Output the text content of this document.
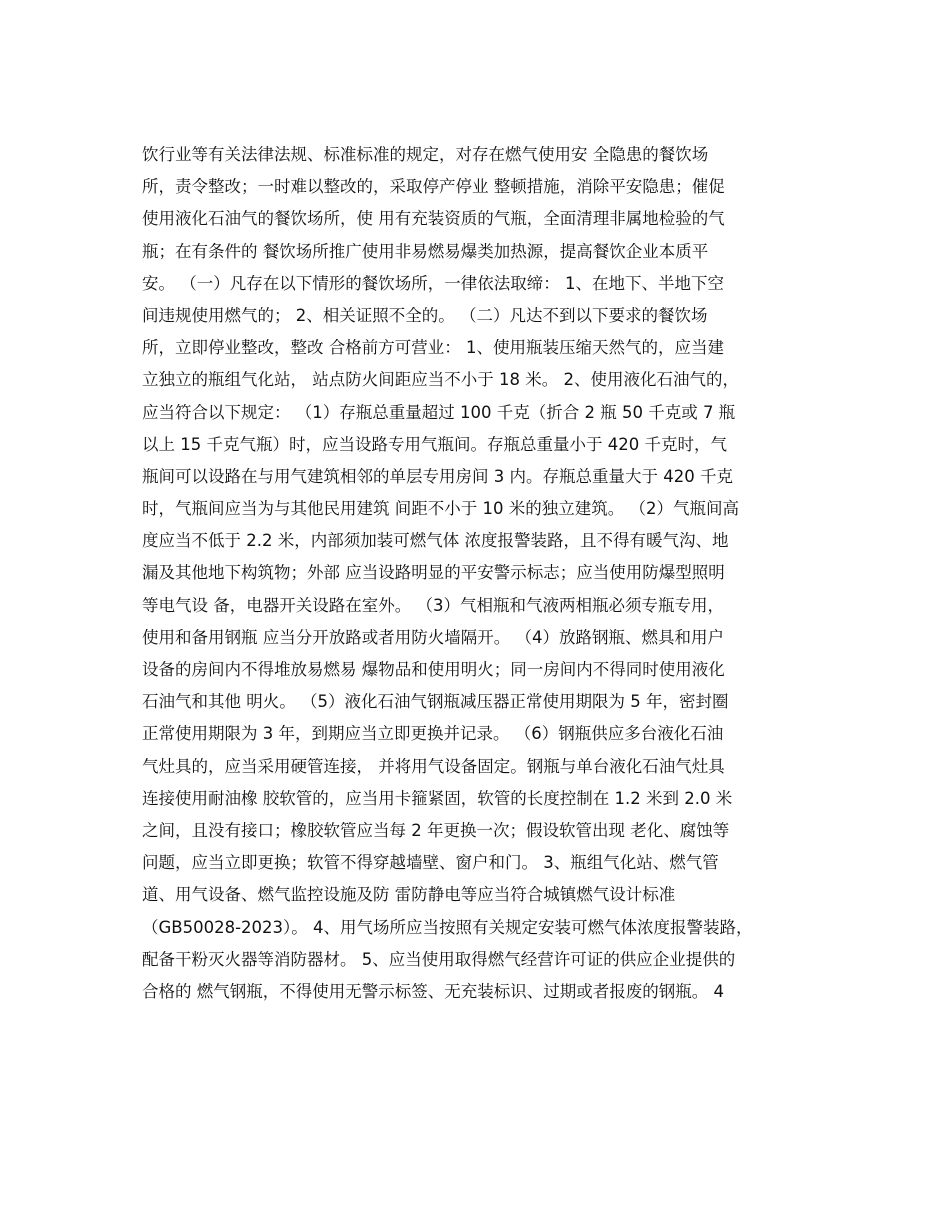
饮行业等有关法律法规、标准标准的规定，对存在燃气使用安 全隐患的餐饮场
所，责令整改；一时难以整改的，采取停产停业 整顿措施，消除平安隐患；催促
使用液化石油气的餐饮场所，使 用有充装资质的气瓶，全面清理非属地检验的气
瓶；在有条件的 餐饮场所推广使用非易燃易爆类加热源，提高餐饮企业本质平
安。 （一）凡存在以下情形的餐饮场所，一律依法取缔： 1、在地下、半地下空
间违规使用燃气的； 2、相关证照不全的。 （二）凡达不到以下要求的餐饮场
所，立即停业整改，整改 合格前方可营业： 1、使用瓶装压缩天然气的，应当建
立独立的瓶组气化站， 站点防火间距应当不小于 18 米。 2、使用液化石油气的，
应当符合以下规定： （1）存瓶总重量超过 100 千克（折合 2 瓶 50 千克或 7 瓶
以上 15 千克气瓶）时，应当设路专用气瓶间。存瓶总重量小于 420 千克时，气
瓶间可以设路在与用气建筑相邻的单层专用房间 3 内。存瓶总重量大于 420 千克
时，气瓶间应当为与其他民用建筑 间距不小于 10 米的独立建筑。 （2）气瓶间高
度应当不低于 2.2 米，内部须加装可燃气体 浓度报警装路，且不得有暖气沟、地
漏及其他地下构筑物；外部 应当设路明显的平安警示标志；应当使用防爆型照明
等电气设 备，电器开关设路在室外。 （3）气相瓶和气液两相瓶必须专瓶专用，
使用和备用钢瓶 应当分开放路或者用防火墙隔开。 （4）放路钢瓶、燃具和用户
设备的房间内不得堆放易燃易 爆物品和使用明火；同一房间内不得同时使用液化
石油气和其他 明火。 （5）液化石油气钢瓶减压器正常使用期限为 5 年，密封圈
正常使用期限为 3 年，到期应当立即更换并记录。 （6）钢瓶供应多台液化石油
气灶具的，应当采用硬管连接， 并将用气设备固定。钢瓶与单台液化石油气灶具
连接使用耐油橡 胶软管的，应当用卡箍紧固，软管的长度控制在 1.2 米到 2.0 米
之间，且没有接口；橡胶软管应当每 2 年更换一次；假设软管出现 老化、腐蚀等
问题，应当立即更换；软管不得穿越墙壁、窗户和门。 3、瓶组气化站、燃气管
道、用气设备、燃气监控设施及防 雷防静电等应当符合城镇燃气设计标准
（GB50028-2023）。 4、用气场所应当按照有关规定安装可燃气体浓度报警装路，
配备干粉灭火器等消防器材。 5、应当使用取得燃气经营许可证的供应企业提供的
合格的 燃气钢瓶，不得使用无警示标签、无充装标识、过期或者报废的钢瓶。 4
